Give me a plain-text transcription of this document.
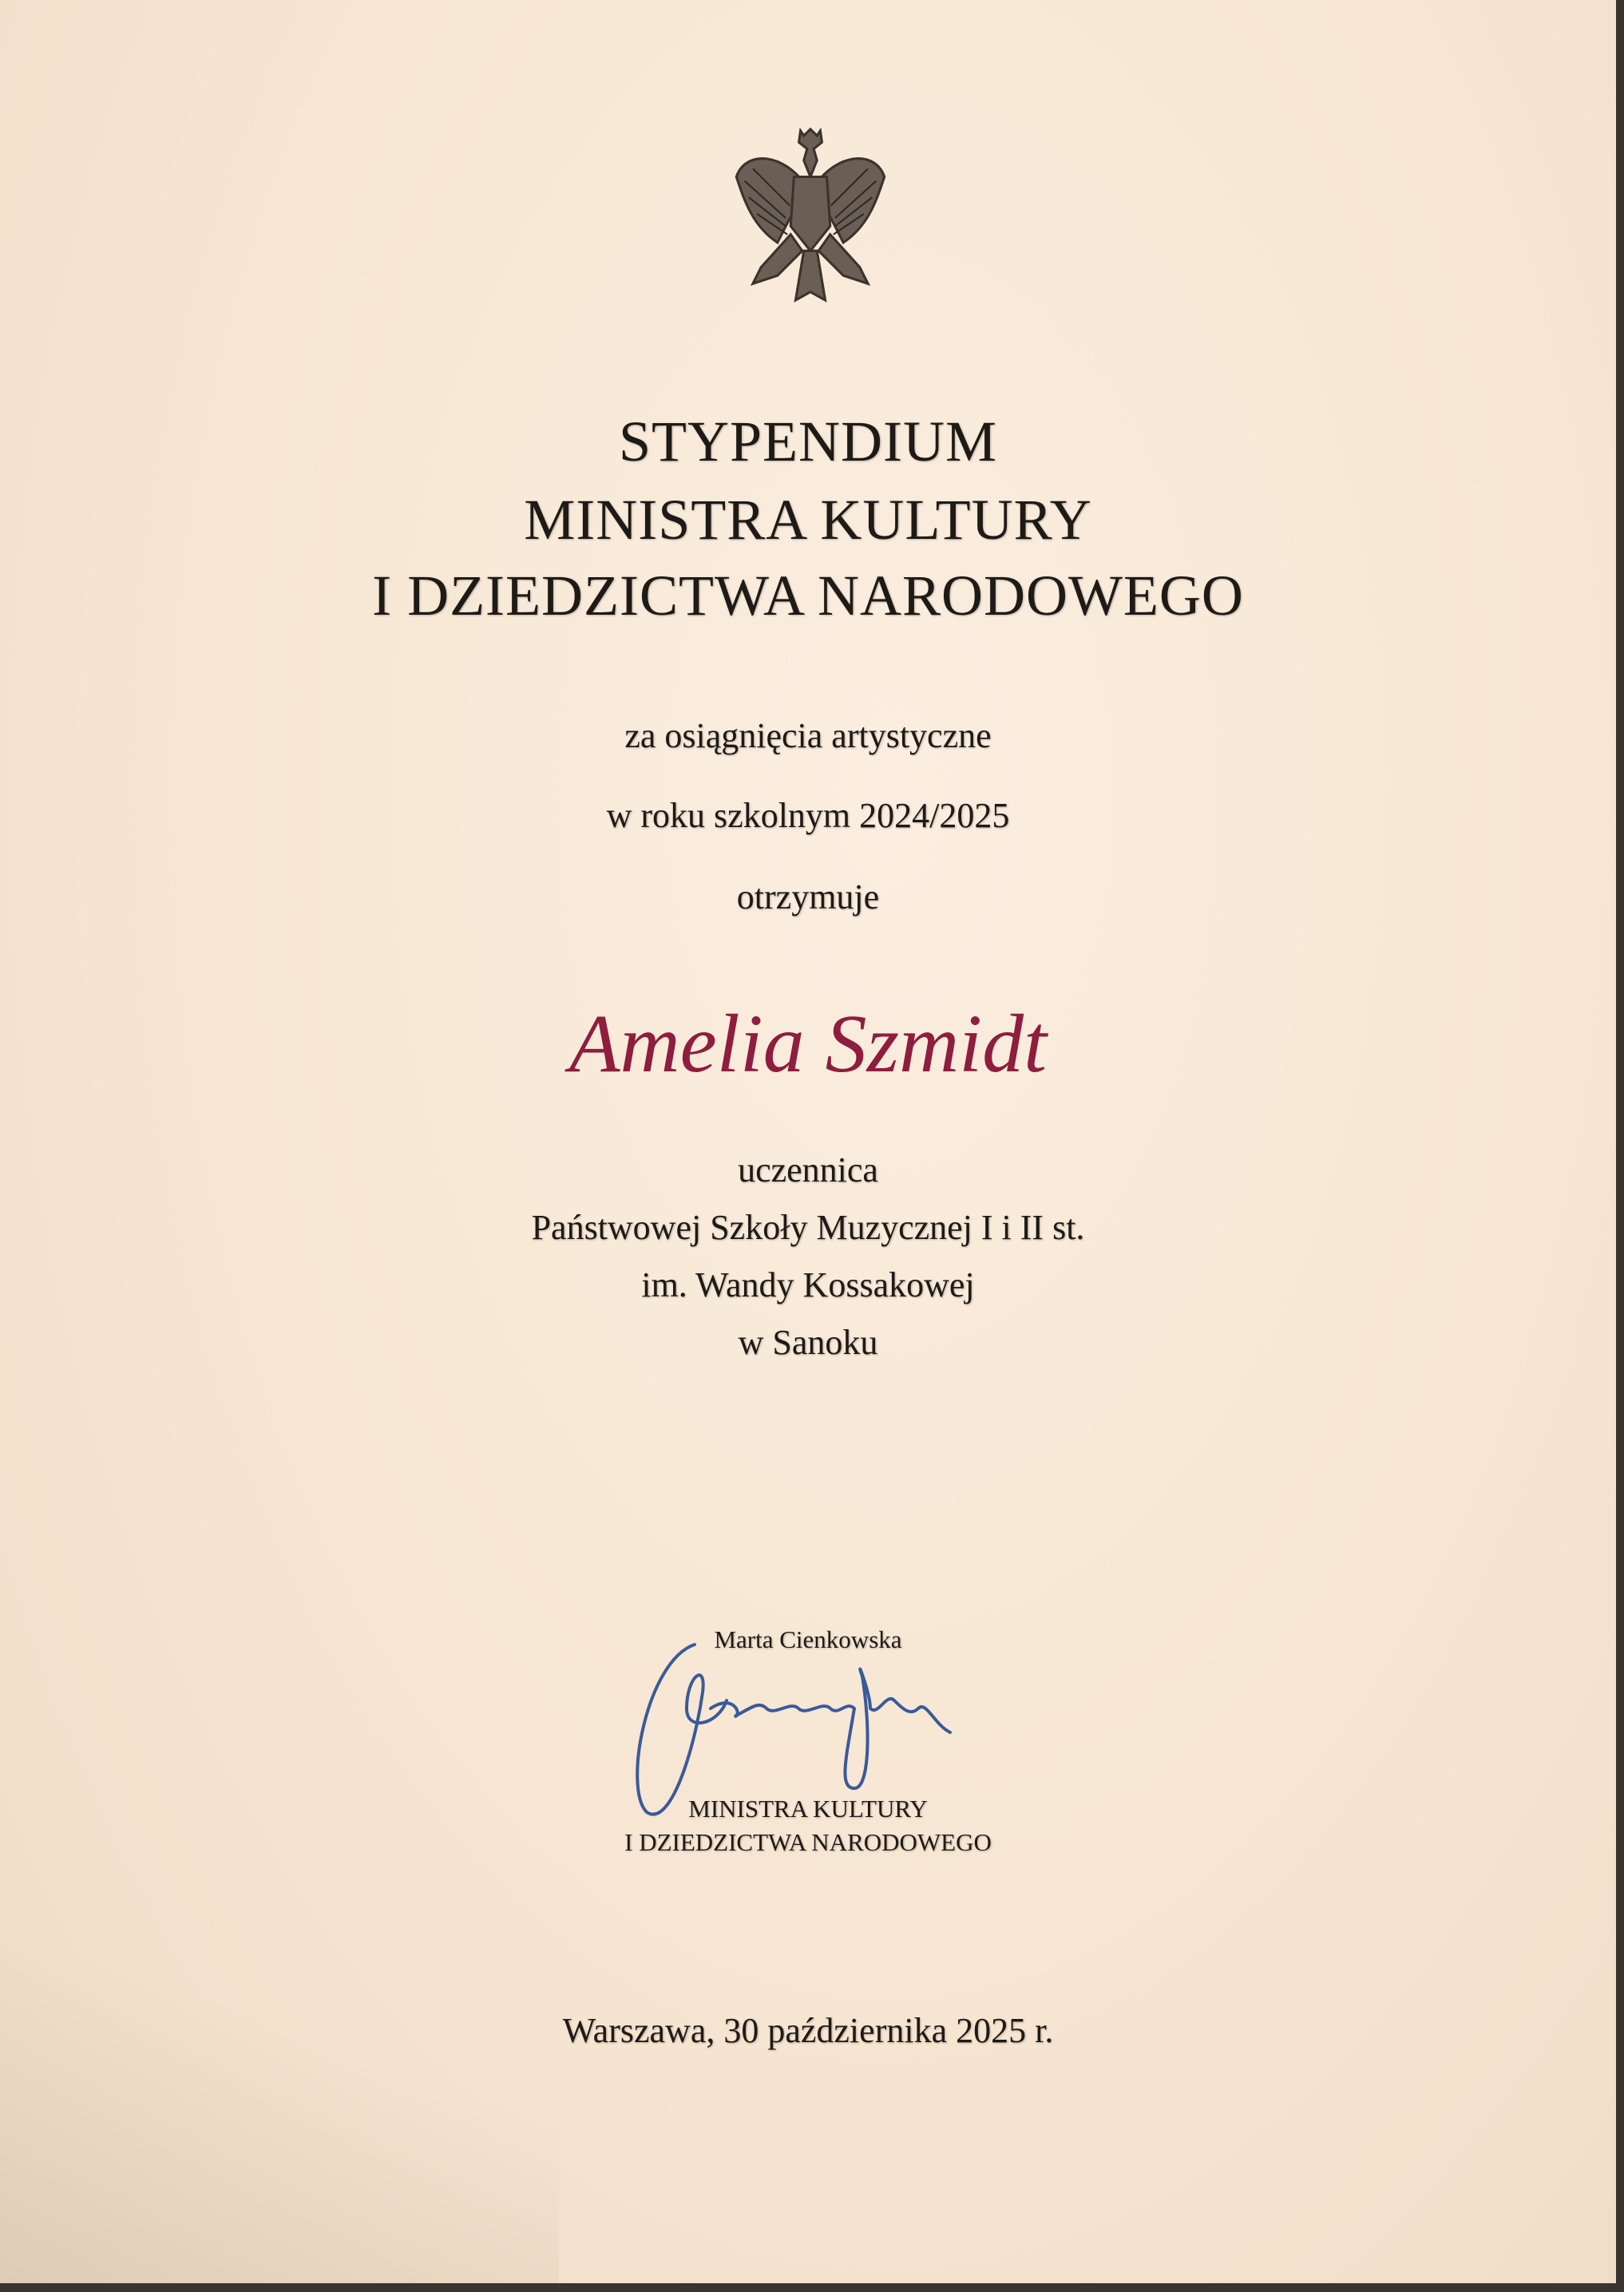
STYPENDIUM
MINISTRA KULTURY
I DZIEDZICTWA NARODOWEGO
za osiągnięcia artystyczne
w roku szkolnym 2024/2025
otrzymuje
Amelia Szmidt
uczennica
Państwowej Szkoły Muzycznej I i II st.
im. Wandy Kossakowej
w Sanoku
Marta Cienkowska
MINISTRA KULTURY
I DZIEDZICTWA NARODOWEGO
Warszawa, 30 października 2025 r.
